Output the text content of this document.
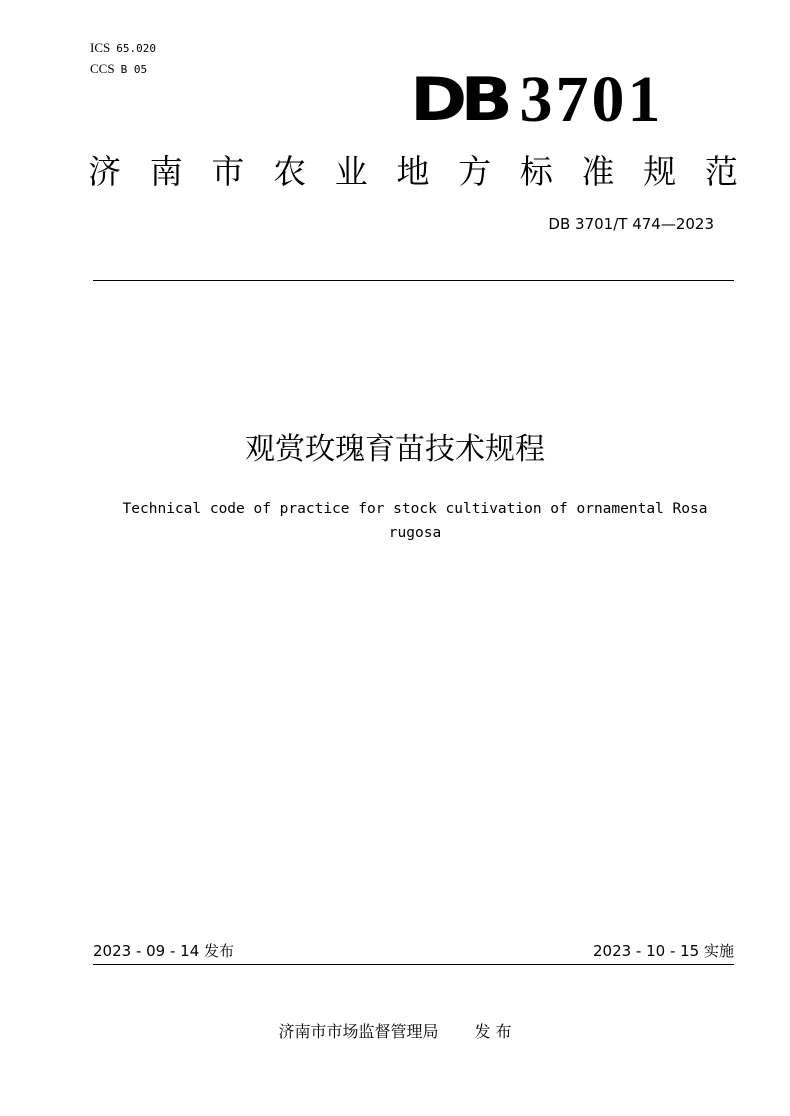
ICS 65.020
CCS B 05	DB 3701
济 南 市 农 业 地 方 标 准 规 范
DB 3701/T 474—2023
观赏玫瑰育苗技术规程
Technical code of practice for stock cultivation of ornamental Rosa rugosa
2023 - 09 - 14 发布	2023 - 10 - 15 实施
济南市市场监督管理局 发 布
